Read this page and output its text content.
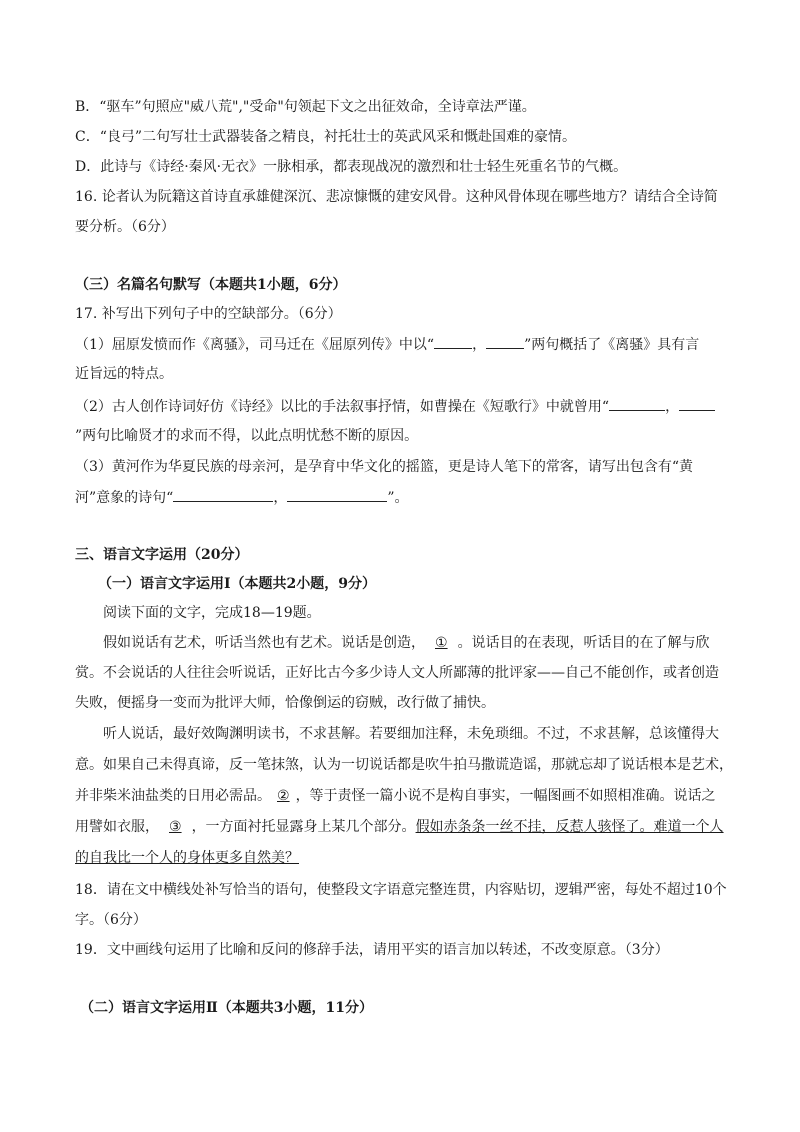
B．“驱车”句照应"威八荒","受命"句领起下文之出征效命，全诗章法严谨。
C．“良弓”二句写壮士武器装备之精良，衬托壮士的英武风采和慨赴国难的豪情。
D．此诗与《诗经·秦风·无衣》一脉相承，都表现战况的激烈和壮士轻生死重名节的气概。
16. 论者认为阮籍这首诗直承雄健深沉、悲凉慷慨的建安风骨。这种风骨体现在哪些地方？请结合全诗简
要分析。（6分）
（三）名篇名句默写（本题共1小题，6分）
17. 补写出下列句子中的空缺部分。（6分）
（1）屈原发愤而作《离骚》，司马迁在《屈原列传》中以“	，	”两句概括了《离骚》具有言
近旨远的特点。
（2）古人创作诗词好仿《诗经》以比的手法叙事抒情，如曹操在《短歌行》中就曾用“	，
”两句比喻贤才的求而不得，以此点明忧愁不断的原因。
（3）黄河作为华夏民族的母亲河，是孕育中华文化的摇篮，更是诗人笔下的常客，请写出包含有“黄
河”意象的诗句“	，	”。
三、语言文字运用（20分）
（一）语言文字运用Ⅰ（本题共2小题，9分）
阅读下面的文字，完成18—19题。
假如说话有艺术，听话当然也有艺术。说话是创造， ① 。说话目的在表现，听话目的在了解与欣
赏。不会说话的人往往会听说话，正好比古今多少诗人文人所鄙薄的批评家——自己不能创作，或者创造
失败，便摇身一变而为批评大师，恰像倒运的窃贼，改行做了捕快。
听人说话，最好效陶渊明读书，不求甚解。若要细加注释，未免琐细。不过，不求甚解，总该懂得大
意。如果自己未得真谛，反一笔抹煞，认为一切说话都是吹牛拍马撒谎造谣，那就忘却了说话根本是艺术，
并非柴米油盐类的日用必需品。 ② ，等于责怪一篇小说不是构自事实，一幅图画不如照相准确。说话之
用譬如衣服， ③ ，一方面衬托显露身上某几个部分。假如赤条条一丝不挂，反惹人骇怪了。难道一个人
的自我比一个人的身体更多自然美？
18．请在文中横线处补写恰当的语句，使整段文字语意完整连贯，内容贴切，逻辑严密，每处不超过10个
字。（6分）
19．文中画线句运用了比喻和反问的修辞手法，请用平实的语言加以转述，不改变原意。（3分）
（二）语言文字运用Ⅱ（本题共3小题，11分）
